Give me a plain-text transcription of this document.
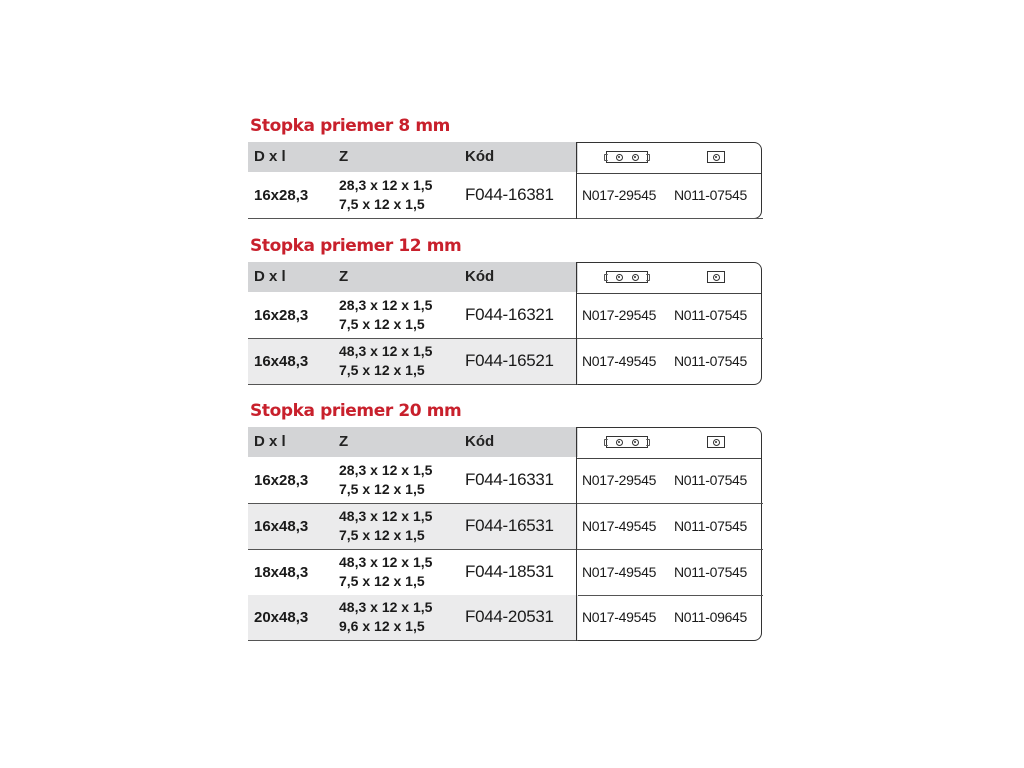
Stopka priemer 8 mm
D x l	Z	Kód
16x28,3
28,3 x 12 x 1,5
7,5 x 12 x 1,5	F044-16381 N017-29545 N011-07545
Stopka priemer 12 mm
D x l	Z	Kód
16x28,3
28,3 x 12 x 1,5
7,5 x 12 x 1,5	F044-16321 N017-29545 N011-07545
16x48,3
48,3 x 12 x 1,5
7,5 x 12 x 1,5	F044-16521 N017-49545 N011-07545
Stopka priemer 20 mm
D x l	Z	Kód
16x28,3
28,3 x 12 x 1,5
7,5 x 12 x 1,5	F044-16331 N017-29545 N011-07545
16x48,3
48,3 x 12 x 1,5
7,5 x 12 x 1,5	F044-16531 N017-49545 N011-07545
18x48,3
48,3 x 12 x 1,5
7,5 x 12 x 1,5	F044-18531 N017-49545 N011-07545
20x48,3
48,3 x 12 x 1,5
9,6 x 12 x 1,5	F044-20531 N017-49545 N011-09645
